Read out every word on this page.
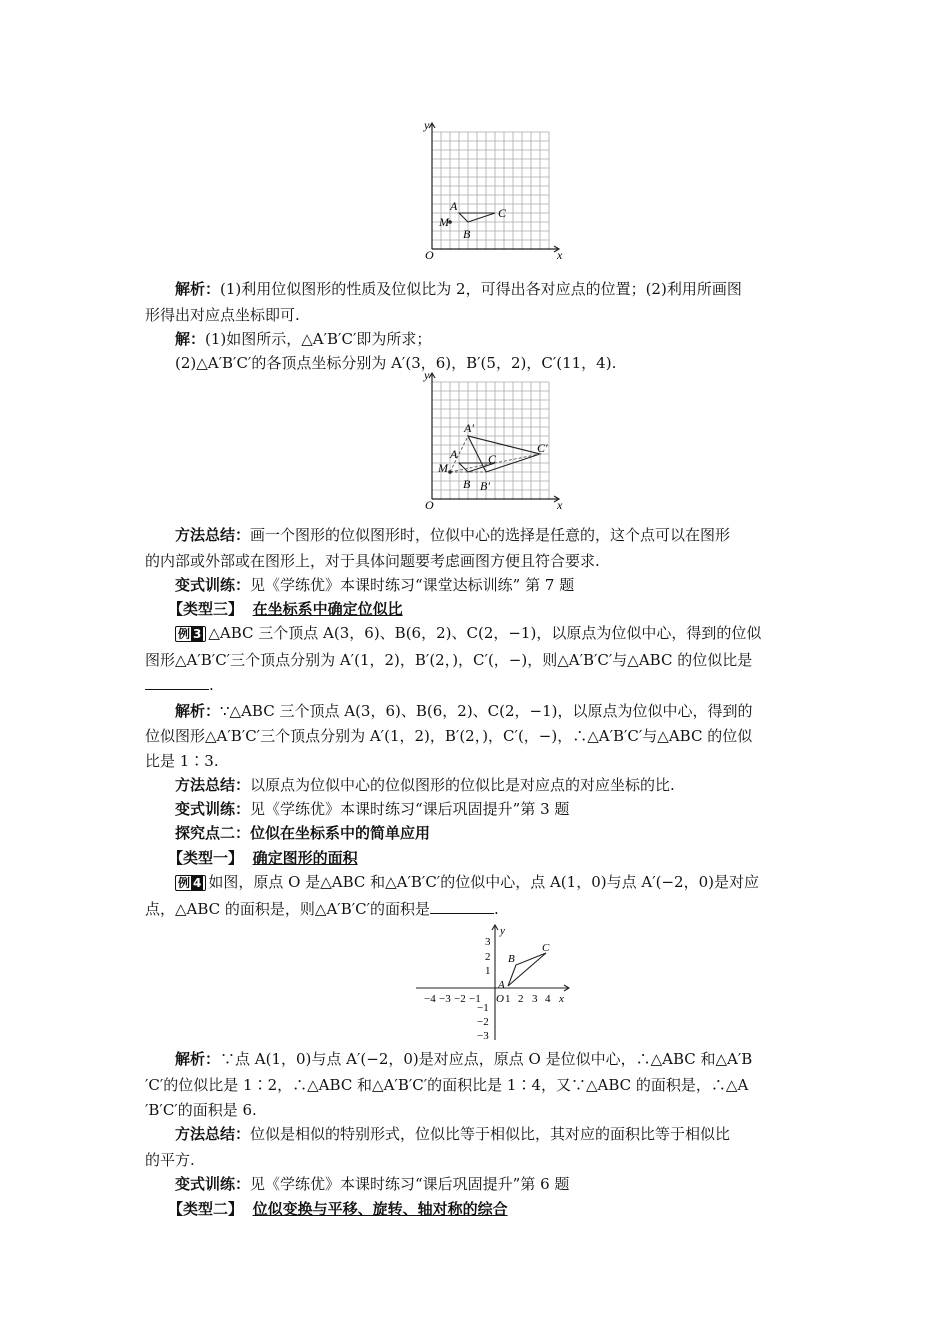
y
x
O
A
B
C
M

解析：(1)利用位似图形的性质及位似比为 2，可得出各对应点的位置；(2)利用所画图

形得出对应点坐标即可.

解：(1)如图所示，△A′B′C′即为所求；

(2)△A′B′C′的各顶点坐标分别为 A′(3，6)，B′(5，2)，C′(11，4).

y
x
O
A
B
C
M
A′
B′
C′

方法总结：画一个图形的位似图形时，位似中心的选择是任意的，这个点可以在图形

的内部或外部或在图形上，对于具体问题要考虑画图方便且符合要求.

变式训练：见《学练优》本课时练习“课堂达标训练” 第 7 题

【类型三】 在坐标系中确定位似比

例 3 △ABC 三个顶点 A(3，6)、B(6，2)、C(2，−1)，以原点为位似中心，得到的位似

图形△A′B′C′三个顶点分别为 A′(1，2)，B′(2，)，C′(，−)，则△A′B′C′与△ABC 的位似比是

.

解析：∵△ABC 三个顶点 A(3，6)、B(6，2)、C(2，−1)，以原点为位似中心，得到的

位似图形△A′B′C′三个顶点分别为 A′(1，2)，B′(2，)，C′(，−)，∴△A′B′C′与△ABC 的位似

比是 1∶3.

方法总结：以原点为位似中心的位似图形的位似比是对应点的对应坐标的比.

变式训练：见《学练优》本课时练习“课后巩固提升”第 3 题

探究点二：位似在坐标系中的简单应用

【类型一】 确定图形的面积

例 4 如图，原点 O 是△ABC 和△A′B′C′的位似中心，点 A(1，0)与点 A′(−2，0)是对应

点，△ABC 的面积是，则△A′B′C′的面积是	.

y
x
O
A
B
C
−4 −3 −2 −1 1 2 3 4
3
2
1
−1
−2
−3

解析：∵点 A(1，0)与点 A′(−2，0)是对应点，原点 O 是位似中心，∴△ABC 和△A′B

′C′的位似比是 1∶2，∴△ABC 和△A′B′C′的面积比是 1∶4，又∵△ABC 的面积是，∴△A

′B′C′的面积是 6.

方法总结：位似是相似的特别形式，位似比等于相似比，其对应的面积比等于相似比

的平方.

变式训练：见《学练优》本课时练习“课后巩固提升”第 6 题

【类型二】 位似变换与平移、旋转、轴对称的综合
